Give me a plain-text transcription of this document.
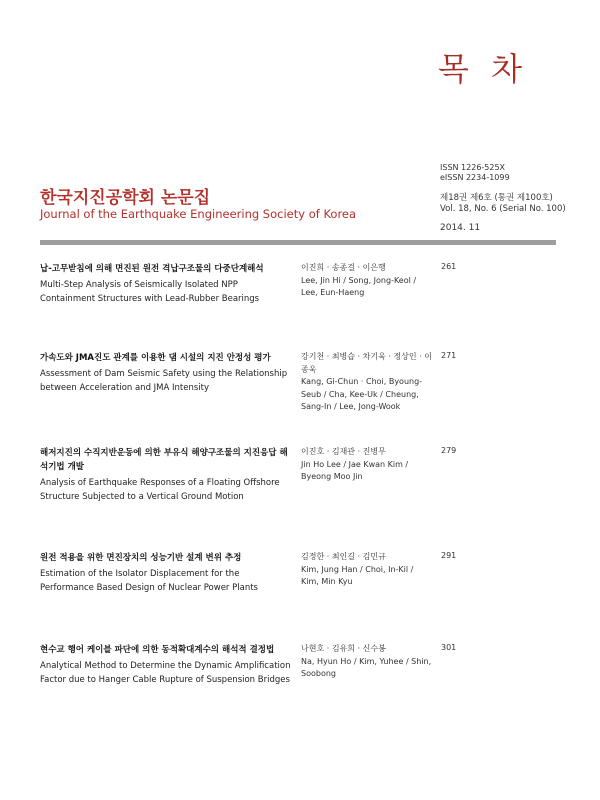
목 차
ISSN 1226-525X
eISSN 2234-1099
한국지진공학회 논문집
Journal of the Earthquake Engineering Society of Korea
제18권 제6호 (통권 제100호)
Vol. 18, No. 6 (Serial No. 100)
2014. 11
납-고무받침에 의해 면진된 원전 격납구조물의 다중단계해석
Multi-Step Analysis of Seismically Isolated NPP Containment Structures with Lead-Rubber Bearings
이진희 · 송종걸 · 이은행
Lee, Jin Hi / Song, Jong-Keol / Lee, Eun-Haeng
261
가속도와 JMA진도 관계를 이용한 댐 시설의 지진 안정성 평가
Assessment of Dam Seismic Safety using the Relationship between Acceleration and JMA Intensity
강기천 · 최병습 · 차기욱 · 정상인 · 이종욱
Kang, Gi-Chun · Choi, Byoung-Seub / Cha, Kee-Uk / Cheung, Sang-In / Lee, Jong-Wook
271
해저지진의 수직지반운동에 의한 부유식 해양구조물의 지진응답 해석기법 개발
Analysis of Earthquake Responses of a Floating Offshore Structure Subjected to a Vertical Ground Motion
이진호 · 김재관 · 진병무
Jin Ho Lee / Jae Kwan Kim / Byeong Moo Jin
279
원전 적용을 위한 면진장치의 성능기반 설계 변위 추정
Estimation of the Isolator Displacement for the Performance Based Design of Nuclear Power Plants
김정한 · 최인길 · 김민규
Kim, Jung Han / Choi, In-Kil / Kim, Min Kyu
291
현수교 행어 케이블 파단에 의한 동적확대계수의 해석적 결정법
Analytical Method to Determine the Dynamic Amplification Factor due to Hanger Cable Rupture of Suspension Bridges
나현호 · 김유희 · 신수봉
Na, Hyun Ho / Kim, Yuhee / Shin, Soobong
301
